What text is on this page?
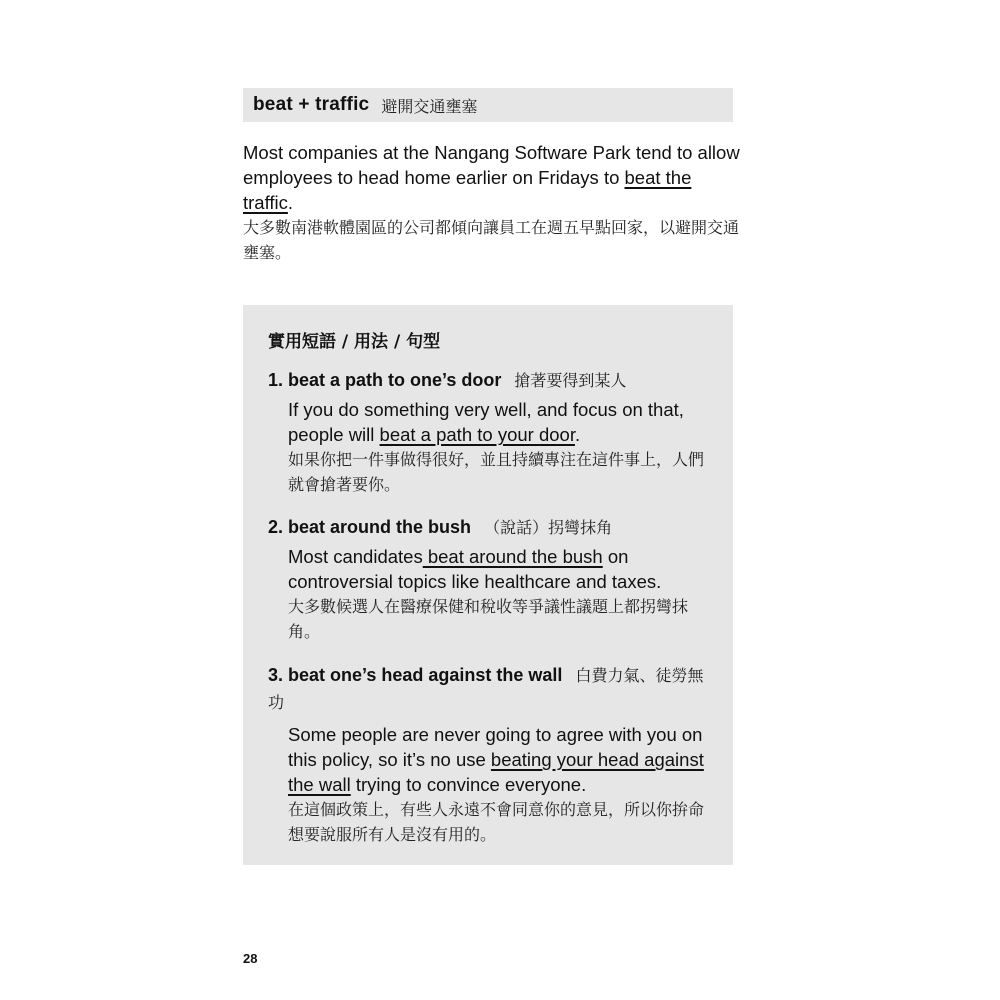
beat + traffic 避開交通壅塞

Most companies at the Nangang Software Park tend to allow employees to head home earlier on Fridays to beat the traffic.

大多數南港軟體園區的公司都傾向讓員工在週五早點回家，以避開交通壅塞。

實用短語 / 用法 / 句型
1. beat a path to one’s door 搶著要得到某人

If you do something very well, and focus on that, people will beat a path to your door.

如果你把一件事做得很好，並且持續專注在這件事上，人們就會搶著要你。

2. beat around the bush （說話）拐彎抹角

Most candidates beat around the bush on controversial topics like healthcare and taxes.

大多數候選人在醫療保健和稅收等爭議性議題上都拐彎抹角。

3. beat one’s head against the wall 白費力氣、徒勞無功

Some people are never going to agree with you on this policy, so it’s no use beating your head against the wall trying to convince everyone.

在這個政策上，有些人永遠不會同意你的意見，所以你拚命想要說服所有人是沒有用的。

28
